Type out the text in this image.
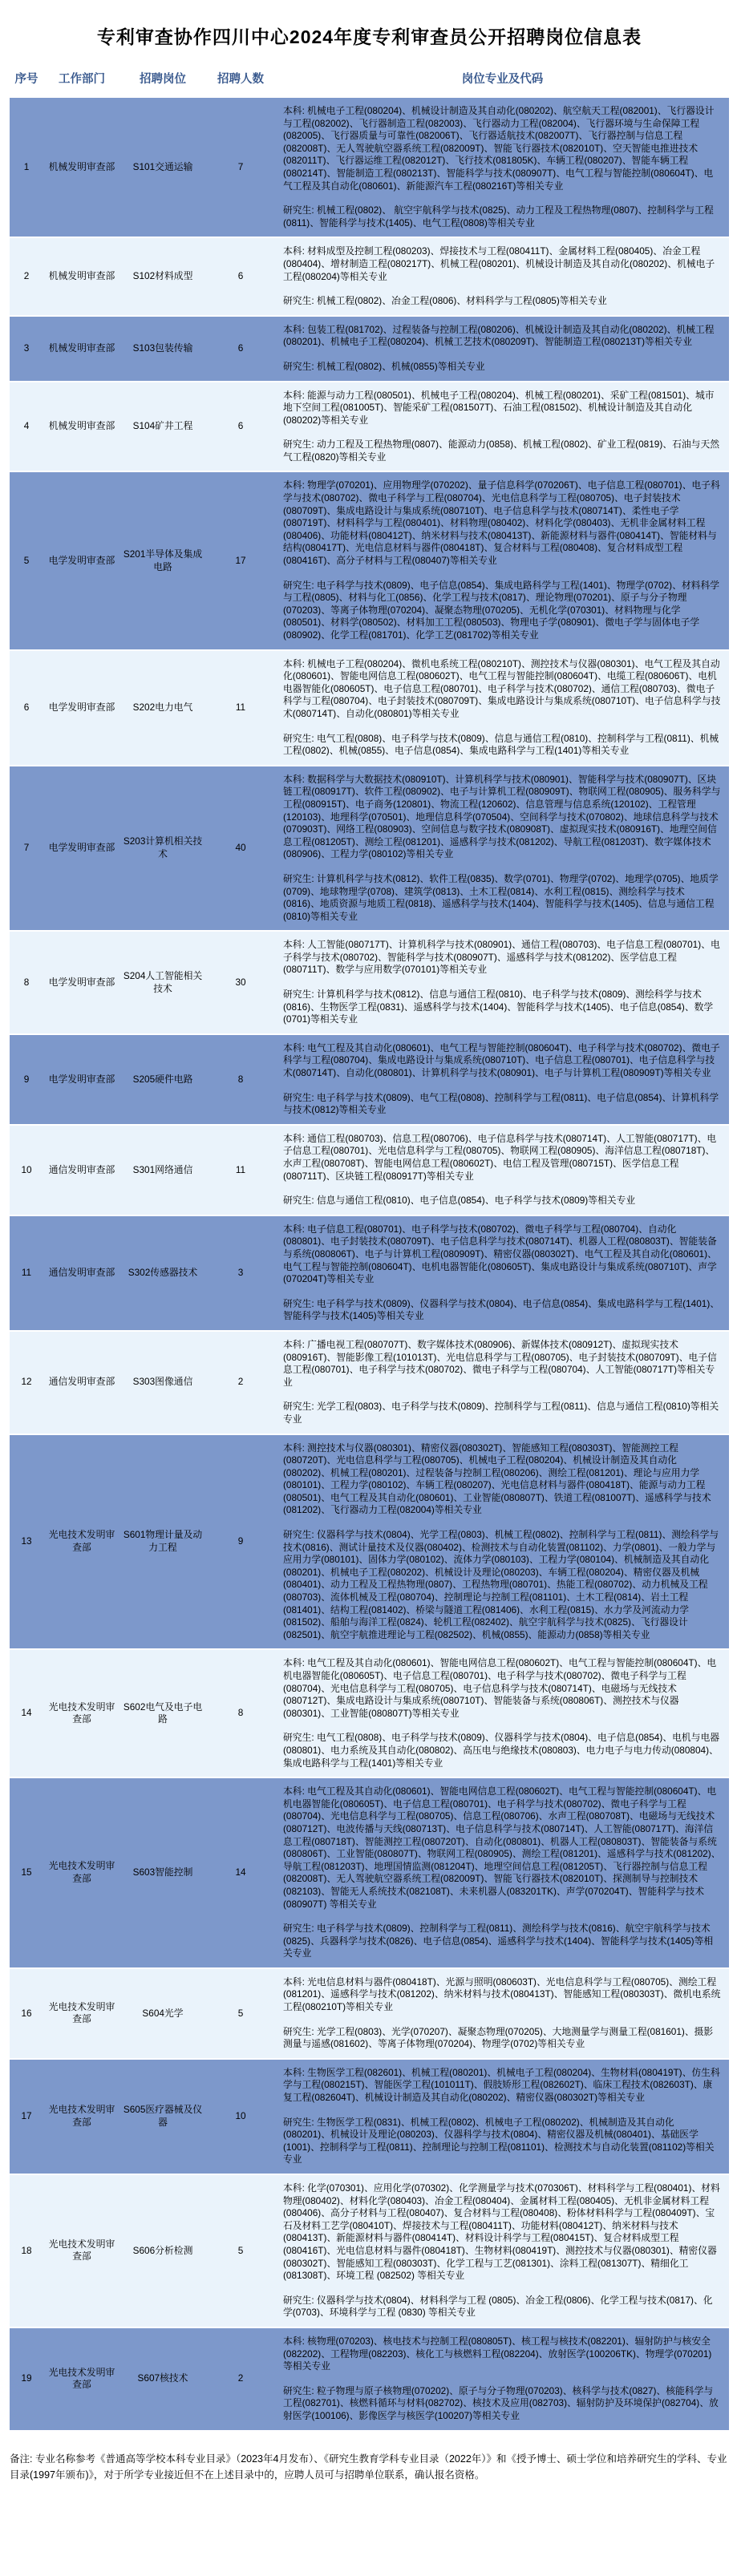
专利审查协作四川中心2024年度专利审查员公开招聘岗位信息表
序号	工作部门	招聘岗位	招聘人数	岗位专业及代码
1	机械发明审查部	S101交通运输	7	本科: 机械电子工程(080204)、机械设计制造及其自动化(080202)、航空航天工程(082001)、飞行器设计与工程(082002)、飞行器制造工程(082003)、飞行器动力工程(082004)、飞行器环境与生命保障工程(082005)、飞行器质量与可靠性(082006T)、飞行器适航技术(082007T)、飞行器控制与信息工程(082008T)、无人驾驶航空器系统工程(082009T)、智能飞行器技术(082010T)、空天智能电推进技术(082011T)、飞行器运维工程(082012T)、飞行技术(081805K)、车辆工程(080207)、智能车辆工程(080214T)、智能制造工程(080213T)、智能科学与技术(080907T)、电气工程与智能控制(080604T)、电气工程及其自动化(080601)、新能源汽车工程(080216T)等相关专业

研究生: 机械工程(0802)、 航空宇航科学与技术(0825)、动力工程及工程热物理(0807)、控制科学与工程(0811)、智能科学与技术(1405)、电气工程(0808)等相关专业

2	机械发明审查部	S102材料成型	6	本科: 材料成型及控制工程(080203)、焊接技术与工程(080411T)、金属材料工程(080405)、冶金工程(080404)、增材制造工程(080217T)、机械工程(080201)、机械设计制造及其自动化(080202)、机械电子工程(080204)等相关专业

研究生: 机械工程(0802)、冶金工程(0806)、材料科学与工程(0805)等相关专业

3	机械发明审查部	S103包装传输	6	本科: 包装工程(081702)、过程装备与控制工程(080206)、机械设计制造及其自动化(080202)、机械工程(080201)、机械电子工程(080204)、机械工艺技术(080209T)、智能制造工程(080213T)等相关专业

研究生: 机械工程(0802)、机械(0855)等相关专业

4	机械发明审查部	S104矿井工程	6	本科: 能源与动力工程(080501)、机械电子工程(080204)、机械工程(080201)、采矿工程(081501)、城市地下空间工程(081005T)、智能采矿工程(081507T)、石油工程(081502)、机械设计制造及其自动化(080202)等相关专业

研究生: 动力工程及工程热物理(0807)、能源动力(0858)、机械工程(0802)、矿业工程(0819)、石油与天然气工程(0820)等相关专业

5	电学发明审查部	S201半导体及集成电路	17	本科: 物理学(070201)、应用物理学(070202)、量子信息科学(070206T)、电子信息工程(080701)、电子科学与技术(080702)、微电子科学与工程(080704)、光电信息科学与工程(080705)、电子封装技术(080709T)、集成电路设计与集成系统(080710T)、电子信息科学与技术(080714T)、柔性电子学(080719T)、材料科学与工程(080401)、材料物理(080402)、材料化学(080403)、无机非金属材料工程(080406)、功能材料(080412T)、纳米材料与技术(080413T)、新能源材料与器件(080414T)、智能材料与结构(080417T)、光电信息材料与器件(080418T)、复合材料与工程(080408)、复合材料成型工程(080416T)、高分子材料与工程(080407)等相关专业

研究生: 电子科学与技术(0809)、电子信息(0854)、集成电路科学与工程(1401)、物理学(0702)、材料科学与工程(0805)、材料与化工(0856)、化学工程与技术(0817)、理论物理(070201)、原子与分子物理(070203)、等离子体物理(070204)、凝聚态物理(070205)、无机化学(070301)、材料物理与化学(080501)、材料学(080502)、材料加工工程(080503)、物理电子学(080901)、微电子学与固体电子学(080902)、化学工程(081701)、化学工艺(081702)等相关专业

6	电学发明审查部	S202电力电气	11	本科: 机械电子工程(080204)、微机电系统工程(080210T)、测控技术与仪器(080301)、电气工程及其自动化(080601)、智能电网信息工程(080602T)、电气工程与智能控制(080604T)、电缆工程(080606T)、电机电器智能化(080605T)、电子信息工程(080701)、电子科学与技术(080702)、通信工程(080703)、微电子科学与工程(080704)、电子封装技术(080709T)、集成电路设计与集成系统(080710T)、电子信息科学与技术(080714T)、自动化(080801)等相关专业

研究生: 电气工程(0808)、电子科学与技术(0809)、信息与通信工程(0810)、控制科学与工程(0811)、机械工程(0802)、机械(0855)、电子信息(0854)、集成电路科学与工程(1401)等相关专业

7	电学发明审查部	S203计算机相关技术	40	本科: 数据科学与大数据技术(080910T)、计算机科学与技术(080901)、智能科学与技术(080907T)、区块链工程(080917T)、软件工程(080902)、电子与计算机工程(080909T)、物联网工程(080905)、服务科学与工程(080915T)、电子商务(120801)、物流工程(120602)、信息管理与信息系统(120102)、工程管理(120103)、地理科学(070501)、地理信息科学(070504)、空间科学与技术(070802)、地球信息科学与技术(070903T)、网络工程(080903)、空间信息与数字技术(080908T)、虚拟现实技术(080916T)、地理空间信息工程(081205T)、测绘工程(081201)、遥感科学与技术(081202)、导航工程(081203T)、数字媒体技术(080906)、工程力学(080102)等相关专业

研究生: 计算机科学与技术(0812)、软件工程(0835)、数学(0701)、物理学(0702)、地理学(0705)、地质学(0709)、地球物理学(0708)、建筑学(0813)、土木工程(0814)、水利工程(0815)、测绘科学与技术(0816)、地质资源与地质工程(0818)、遥感科学与技术(1404)、智能科学与技术(1405)、信息与通信工程(0810)等相关专业

8	电学发明审查部	S204人工智能相关技术	30	本科: 人工智能(080717T)、计算机科学与技术(080901)、通信工程(080703)、电子信息工程(080701)、电子科学与技术(080702)、智能科学与技术(080907T)、遥感科学与技术(081202)、医学信息工程(080711T)、数学与应用数学(070101)等相关专业

研究生: 计算机科学与技术(0812)、信息与通信工程(0810)、电子科学与技术(0809)、测绘科学与技术(0816)、生物医学工程(0831)、遥感科学与技术(1404)、智能科学与技术(1405)、电子信息(0854)、数学(0701)等相关专业

9	电学发明审查部	S205硬件电路	8	本科: 电气工程及其自动化(080601)、电气工程与智能控制(080604T)、电子科学与技术(080702)、微电子科学与工程(080704)、集成电路设计与集成系统(080710T)、电子信息工程(080701)、电子信息科学与技术(080714T)、自动化(080801)、计算机科学与技术(080901)、电子与计算机工程(080909T)等相关专业

研究生: 电子科学与技术(0809)、电气工程(0808)、控制科学与工程(0811)、电子信息(0854)、计算机科学与技术(0812)等相关专业

10	通信发明审查部	S301网络通信	11	本科: 通信工程(080703)、信息工程(080706)、电子信息科学与技术(080714T)、人工智能(080717T)、电子信息工程(080701)、光电信息科学与工程(080705)、物联网工程(080905)、海洋信息工程(080718T)、水声工程(080708T)、智能电网信息工程(080602T)、电信工程及管理(080715T)、医学信息工程(080711T)、区块链工程(080917T)等相关专业

研究生: 信息与通信工程(0810)、电子信息(0854)、电子科学与技术(0809)等相关专业

11	通信发明审查部	S302传感器技术	3	本科: 电子信息工程(080701)、电子科学与技术(080702)、微电子科学与工程(080704)、自动化(080801)、电子封装技术(080709T)、电子信息科学与技术(080714T)、机器人工程(080803T)、智能装备与系统(080806T)、电子与计算机工程(080909T)、精密仪器(080302T)、电气工程及其自动化(080601)、电气工程与智能控制(080604T)、电机电器智能化(080605T)、集成电路设计与集成系统(080710T)、声学(070204T)等相关专业

研究生: 电子科学与技术(0809)、仪器科学与技术(0804)、电子信息(0854)、集成电路科学与工程(1401)、智能科学与技术(1405)等相关专业

12	通信发明审查部	S303图像通信	2	本科: 广播电视工程(080707T)、数字媒体技术(080906)、新媒体技术(080912T)、虚拟现实技术(080916T)、智能影像工程(101013T)、光电信息科学与工程(080705)、电子封装技术(080709T)、电子信息工程(080701)、电子科学与技术(080702)、微电子科学与工程(080704)、人工智能(080717T)等相关专业

研究生: 光学工程(0803)、电子科学与技术(0809)、控制科学与工程(0811)、信息与通信工程(0810)等相关专业

13	光电技术发明审查部	S601物理计量及动力工程	9	本科: 测控技术与仪器(080301)、精密仪器(080302T)、智能感知工程(080303T)、智能测控工程(080720T)、光电信息科学与工程(080705)、机械电子工程(080204)、机械设计制造及其自动化(080202)、机械工程(080201)、过程装备与控制工程(080206)、测绘工程(081201)、理论与应用力学(080101)、工程力学(080102)、车辆工程(080207)、光电信息材料与器件(080418T)、能源与动力工程(080501)、电气工程及其自动化(080601)、工业智能(080807T)、铁道工程(081007T)、遥感科学与技术(081202)、飞行器动力工程(082004)等相关专业

研究生: 仪器科学与技术(0804)、光学工程(0803)、机械工程(0802)、控制科学与工程(0811)、测绘科学与技术(0816)、测试计量技术及仪器(080402)、检测技术与自动化装置(081102)、力学(0801)、一般力学与应用力学(080101)、固体力学(080102)、流体力学(080103)、工程力学(080104)、机械制造及其自动化(080201)、机械电子工程(080202)、机械设计及理论(080203)、车辆工程(080204)、精密仪器及机械(080401)、动力工程及工程热物理(0807)、工程热物理(080701)、热能工程(080702)、动力机械及工程(080703)、流体机械及工程(080704)、控制理论与控制工程(081101)、土木工程(0814)、岩土工程(081401)、结构工程(081402)、桥梁与隧道工程(081406)、水利工程(0815)、水力学及河流动力学(081502)、船舶与海洋工程(0824)、轮机工程(082402)、航空宇航科学与技术(0825)、飞行器设计(082501)、航空宇航推进理论与工程(082502)、机械(0855)、能源动力(0858)等相关专业

14	光电技术发明审查部	S602电气及电子电路	8	本科: 电气工程及其自动化(080601)、智能电网信息工程(080602T)、电气工程与智能控制(080604T)、电机电器智能化(080605T)、电子信息工程(080701)、电子科学与技术(080702)、微电子科学与工程(080704)、光电信息科学与工程(080705)、电子信息科学与技术(080714T)、电磁场与无线技术(080712T)、集成电路设计与集成系统(080710T)、智能装备与系统(080806T)、测控技术与仪器(080301)、工业智能(080807T)等相关专业

研究生: 电气工程(0808)、电子科学与技术(0809)、仪器科学与技术(0804)、电子信息(0854)、电机与电器(080801)、电力系统及其自动化(080802)、高压电与绝缘技术(080803)、电力电子与电力传动(080804)、集成电路科学与工程(1401)等相关专业

15	光电技术发明审查部	S603智能控制	14	本科: 电气工程及其自动化(080601)、智能电网信息工程(080602T)、电气工程与智能控制(080604T)、电机电器智能化(080605T)、电子信息工程(080701)、电子科学与技术(080702)、微电子科学与工程(080704)、光电信息科学与工程(080705)、信息工程(080706)、水声工程(080708T)、电磁场与无线技术(080712T)、电波传播与天线(080713T)、电子信息科学与技术(080714T)、人工智能(080717T)、海洋信息工程(080718T)、智能测控工程(080720T)、自动化(080801)、机器人工程(080803T)、智能装备与系统(080806T)、工业智能(080807T)、物联网工程(080905)、测绘工程(081201)、遥感科学与技术(081202)、导航工程(081203T)、地理国情监测(081204T)、地理空间信息工程(081205T)、飞行器控制与信息工程(082008T)、无人驾驶航空器系统工程(082009T)、智能飞行器技术(082010T)、探测制导与控制技术(082103)、智能无人系统技术(082108T)、未来机器人(083201TK)、声学(070204T)、智能科学与技术(080907T) 等相关专业

研究生: 电子科学与技术(0809)、控制科学与工程(0811)、测绘科学与技术(0816)、航空宇航科学与技术(0825)、兵器科学与技术(0826)、电子信息(0854)、遥感科学与技术(1404)、智能科学与技术(1405)等相关专业

16	光电技术发明审查部	S604光学	5	本科: 光电信息材料与器件(080418T)、光源与照明(080603T)、光电信息科学与工程(080705)、测绘工程(081201)、遥感科学与技术(081202)、纳米材料与技术(080413T)、智能感知工程(080303T)、微机电系统工程(080210T)等相关专业

研究生: 光学工程(0803)、光学(070207)、凝聚态物理(070205)、大地测量学与测量工程(081601)、摄影测量与遥感(081602)、等离子体物理(070204)、物理学(0702)等相关专业

17	光电技术发明审查部	S605医疗器械及仪器	10	本科: 生物医学工程(082601)、机械工程(080201)、机械电子工程(080204)、生物材料(080419T)、仿生科学与工程(080215T)、智能医学工程(101011T)、假肢矫形工程(082602T)、临床工程技术(082603T)、康复工程(082604T)、机械设计制造及其自动化(080202)、精密仪器(080302T)等相关专业

研究生: 生物医学工程(0831)、机械工程(0802)、机械电子工程(080202)、机械制造及其自动化(080201)、机械设计及理论(080203)、仪器科学与技术(0804)、精密仪器及机械(080401)、基础医学(1001)、控制科学与工程(0811)、控制理论与控制工程(081101)、检测技术与自动化装置(081102)等相关专业

18	光电技术发明审查部	S606分析检测	5	本科: 化学(070301)、应用化学(070302)、化学测量学与技术(070306T)、材料科学与工程(080401)、材料物理(080402)、材料化学(080403)、冶金工程(080404)、金属材料工程(080405)、无机非金属材料工程(080406)、高分子材料与工程(080407)、复合材料与工程(080408)、粉体材料科学与工程(080409T)、宝石及材料工艺学(080410T)、焊接技术与工程(080411T)、功能材料(080412T)、纳米材料与技术(080413T)、新能源材料与器件(080414T)、材料设计科学与工程(080415T)、复合材料成型工程(080416T)、光电信息材料与器件(080418T)、生物材料(080419T)、测控技术与仪器(080301)、精密仪器(080302T)、智能感知工程(080303T)、化学工程与工艺(081301)、涂料工程(081307T)、精细化工(081308T)、环境工程 (082502) 等相关专业

研究生: 仪器科学与技术(0804)、材料科学与工程 (0805)、冶金工程(0806)、化学工程与技术(0817)、化学(0703)、环境科学与工程 (0830) 等相关专业

19	光电技术发明审查部	S607核技术	2	本科: 核物理(070203)、核电技术与控制工程(080805T)、核工程与核技术(082201)、辐射防护与核安全(082202)、工程物理(082203)、核化工与核燃料工程(082204)、放射医学(100206TK)、物理学(070201)等相关专业

研究生: 粒子物理与原子核物理(070202)、原子与分子物理(070203)、核科学与技术(0827)、核能科学与工程(082701)、核燃料循环与材料(082702)、核技术及应用(082703)、辐射防护及环境保护(082704)、放射医学(100106)、影像医学与核医学(100207)等相关专业

备注: 专业名称参考《普通高等学校本科专业目录》（2023年4月发布）、《研究生教育学科专业目录（2022年）》和《授予博士、硕士学位和培养研究生的学科、专业目录(1997年颁布)》，对于所学专业接近但不在上述目录中的，应聘人员可与招聘单位联系，确认报名资格。
